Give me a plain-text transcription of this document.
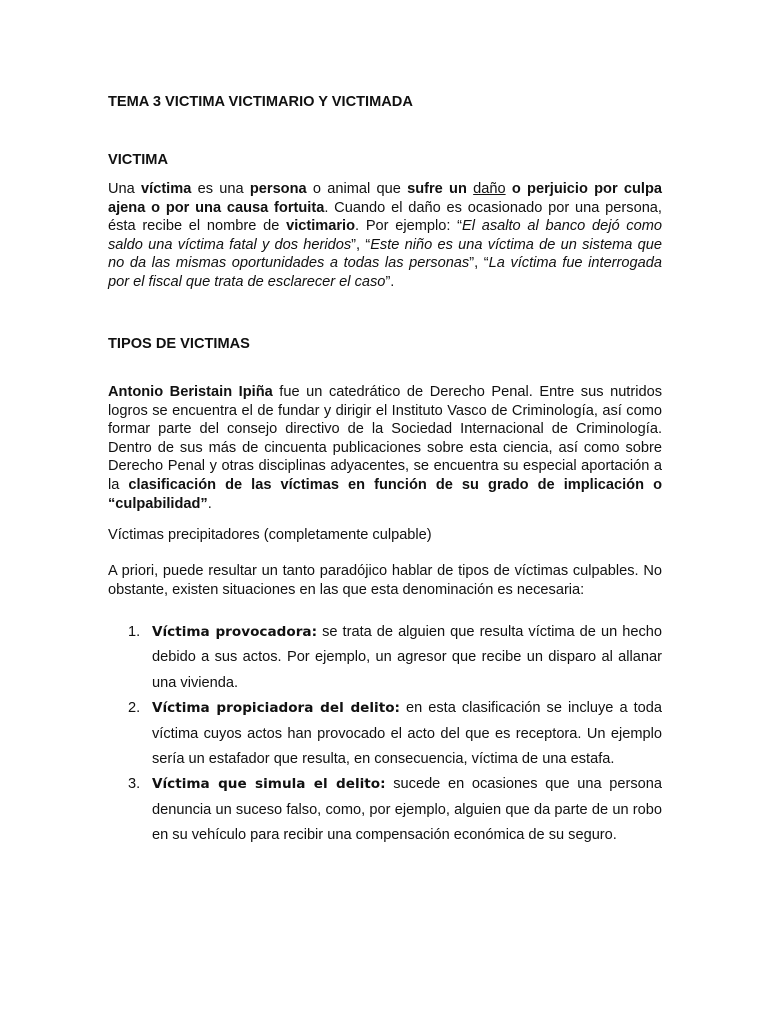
TEMA 3 VICTIMA VICTIMARIO Y VICTIMADA
VICTIMA

Una víctima es una persona o animal que sufre un daño o perjuicio por culpa ajena o por una causa fortuita. Cuando el daño es ocasionado por una persona, ésta recibe el nombre de victimario. Por ejemplo: “El asalto al banco dejó como saldo una víctima fatal y dos heridos”, “Este niño es una víctima de un sistema que no da las mismas oportunidades a todas las personas”, “La víctima fue interrogada por el fiscal que trata de esclarecer el caso”.

TIPOS DE VICTIMAS

Antonio Beristain Ipiña fue un catedrático de Derecho Penal. Entre sus nutridos logros se encuentra el de fundar y dirigir el Instituto Vasco de Criminología, así como formar parte del consejo directivo de la Sociedad Internacional de Criminología. Dentro de sus más de cincuenta publicaciones sobre esta ciencia, así como sobre Derecho Penal y otras disciplinas adyacentes, se encuentra su especial aportación a la clasificación de las víctimas en función de su grado de implicación o “culpabilidad”.

Víctimas precipitadores (completamente culpable)

A priori, puede resultar un tanto paradójico hablar de tipos de víctimas culpables. No obstante, existen situaciones en las que esta denominación es necesaria:

1. Víctima provocadora: se trata de alguien que resulta víctima de un hecho debido a sus actos. Por ejemplo, un agresor que recibe un disparo al allanar una vivienda.
2. Víctima propiciadora del delito: en esta clasificación se incluye a toda víctima cuyos actos han provocado el acto del que es receptora. Un ejemplo sería un estafador que resulta, en consecuencia, víctima de una estafa.
3. Víctima que simula el delito: sucede en ocasiones que una persona denuncia un suceso falso, como, por ejemplo, alguien que da parte de un robo en su vehículo para recibir una compensación económica de su seguro.
